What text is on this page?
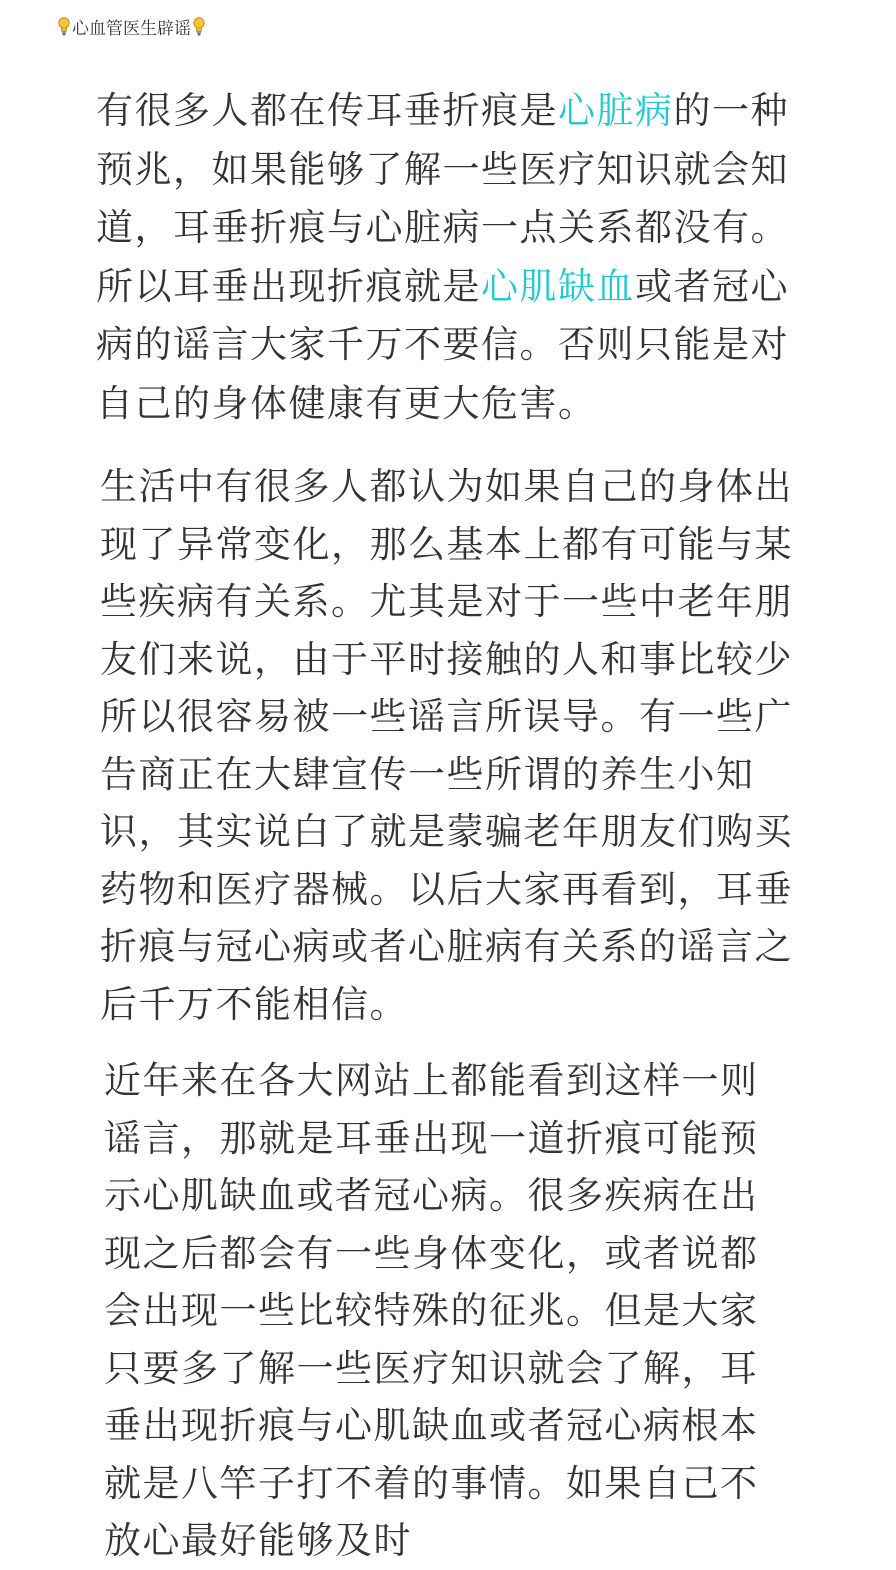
心血管医生辟谣

有很多人都在传耳垂折痕是心脏病的一种预兆，如果能够了解一些医疗知识就会知道，耳垂折痕与心脏病一点关系都没有。所以耳垂出现折痕就是心肌缺血或者冠心病的谣言大家千万不要信。否则只能是对自己的身体健康有更大危害。

生活中有很多人都认为如果自己的身体出现了异常变化，那么基本上都有可能与某些疾病有关系。尤其是对于一些中老年朋友们来说，由于平时接触的人和事比较少所以很容易被一些谣言所误导。有一些广告商正在大肆宣传一些所谓的养生小知识，其实说白了就是蒙骗老年朋友们购买药物和医疗器械。以后大家再看到，耳垂折痕与冠心病或者心脏病有关系的谣言之后千万不能相信。

近年来在各大网站上都能看到这样一则谣言，那就是耳垂出现一道折痕可能预示心肌缺血或者冠心病。很多疾病在出现之后都会有一些身体变化，或者说都会出现一些比较特殊的征兆。但是大家只要多了解一些医疗知识就会了解，耳垂出现折痕与心肌缺血或者冠心病根本就是八竿子打不着的事情。如果自己不放心最好能够及时
